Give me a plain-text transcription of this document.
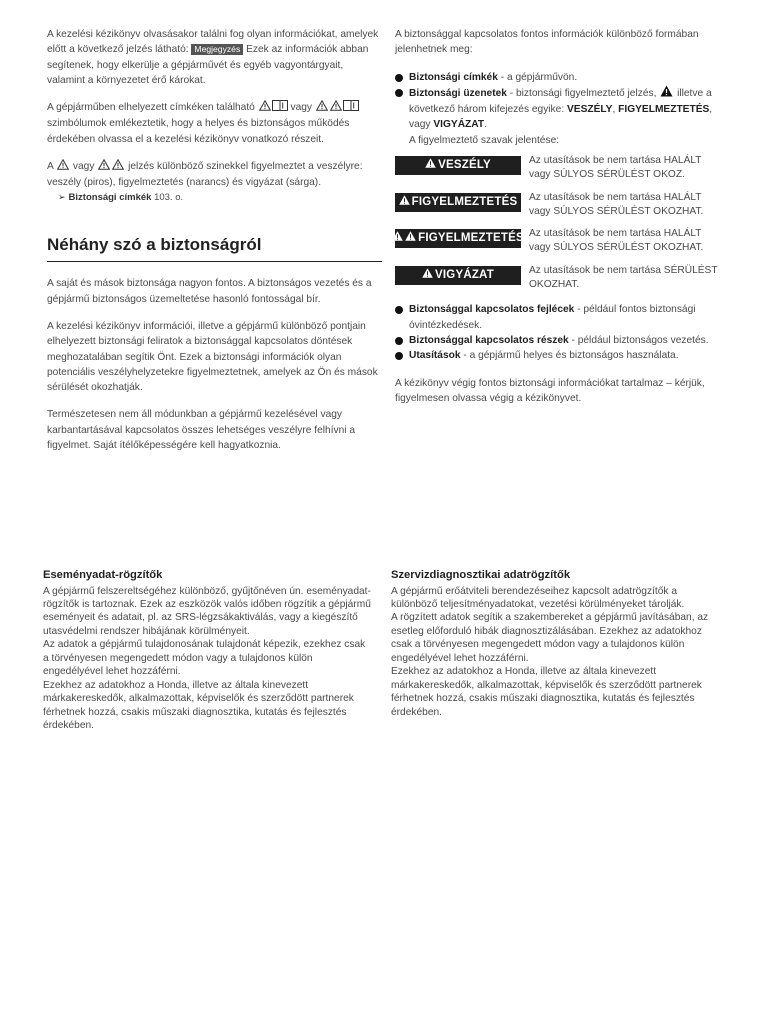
A kezelési kézikönyv olvasásakor találni fog olyan információkat, amelyek előtt a következő jelzés látható: Megjegyzés Ezek az információk abban segítenek, hogy elkerülje a gépjárművét és egyéb vagyontárgyait, valamint a környezetet érő károkat.

A gépjárműben elhelyezett címkéken található	vagy  szimbólumok emlékeztetik, hogy a helyes és biztonságos működés érdekében olvassa el a kezelési kézikönyv vonatkozó részeit.

A  vagy	jelzés különböző szinekkel figyelmeztet a veszélyre: veszély (piros), figyelmeztetés (narancs) és vigyázat (sárga).

➢ Biztonsági címkék 103. o.

Néhány szó a biztonságról

A saját és mások biztonsága nagyon fontos. A biztonságos vezetés és a gépjármű biztonságos üzemeltetése hasonló fontosságal bír.

A kezelési kézikönyv információi, illetve a gépjármű különböző pontjain elhelyezett biztonsági feliratok a biztonsággal kapcsolatos döntések meghozatalában segítik Önt. Ezek a biztonsági információk olyan potenciális veszélyhelyzetekre figyelmeztetnek, amelyek az Ön és mások sérülését okozhatják.

Természetesen nem áll módunkban a gépjármű kezelésével vagy karbantartásával kapcsolatos összes lehetséges veszélyre felhívni a figyelmet. Saját ítélőképességére kell hagyatkoznia.

A biztonsággal kapcsolatos fontos információk különböző formában jelenhetnek meg:

Biztonsági címkék - a gépjárművön.
Biztonsági üzenetek - biztonsági figyelmeztető jelzés,  illetve a következő három kifejezés egyike: VESZÉLY, FIGYELMEZTETÉS, vagy VIGYÁZAT.

A figyelmeztető szavak jelentése:

VESZÉLY	Az utasítások be nem tartása HALÁLT vagy SÚLYOS SÉRÜLÉST OKOZ.
FIGYELMEZTETÉS Az utasítások be nem tartása HALÁLT vagy SÚLYOS SÉRÜLÉST OKOZHAT.
FIGYELMEZTETÉS Az utasítások be nem tartása HALÁLT vagy SÚLYOS SÉRÜLÉST OKOZHAT.
VIGYÁZAT	Az utasítások be nem tartása SÉRÜLÉST OKOZHAT.
Biztonsággal kapcsolatos fejlécek - például fontos biztonsági óvintézkedések.
Biztonsággal kapcsolatos részek - például biztonságos vezetés.
Utasítások - a gépjármű helyes és biztonságos használata.

A kézikönyv végig fontos biztonsági információkat tartalmaz – kérjük, figyelmesen olvassa végig a kézikönyvet.

Eseményadat-rögzítők

A gépjármű felszereltségéhez különböző, gyűjtőnéven ún. eseményadat-rögzítők is tartoznak. Ezek az eszközök valós időben rögzítik a gépjármű eseményeit és adatait, pl. az SRS-légzsákaktiválás, vagy a kiegészítő utasvédelmi rendszer hibájának körülményeit.

Az adatok a gépjármű tulajdonosának tulajdonát képezik, ezekhez csak a törvényesen megengedett módon vagy a tulajdonos külön engedélyével lehet hozzáférni.

Ezekhez az adatokhoz a Honda, illetve az általa kinevezett márkakereskedők, alkalmazottak, képviselők és szerződött partnerek férhetnek hozzá, csakis műszaki diagnosztika, kutatás és fejlesztés érdekében.

Szervizdiagnosztikai adatrögzítők

A gépjármű erőátviteli berendezéseihez kapcsolt adatrögzítők a különböző teljesítményadatokat, vezetési körülményeket tárolják.

A rögzített adatok segítik a szakembereket a gépjármű javításában, az esetleg előforduló hibák diagnosztizálásában. Ezekhez az adatokhoz csak a törvényesen megengedett módon vagy a tulajdonos külön engedélyével lehet hozzáférni.

Ezekhez az adatokhoz a Honda, illetve az általa kinevezett márkakereskedők, alkalmazottak, képviselők és szerződött partnerek férhetnek hozzá, csakis műszaki diagnosztika, kutatás és fejlesztés érdekében.
